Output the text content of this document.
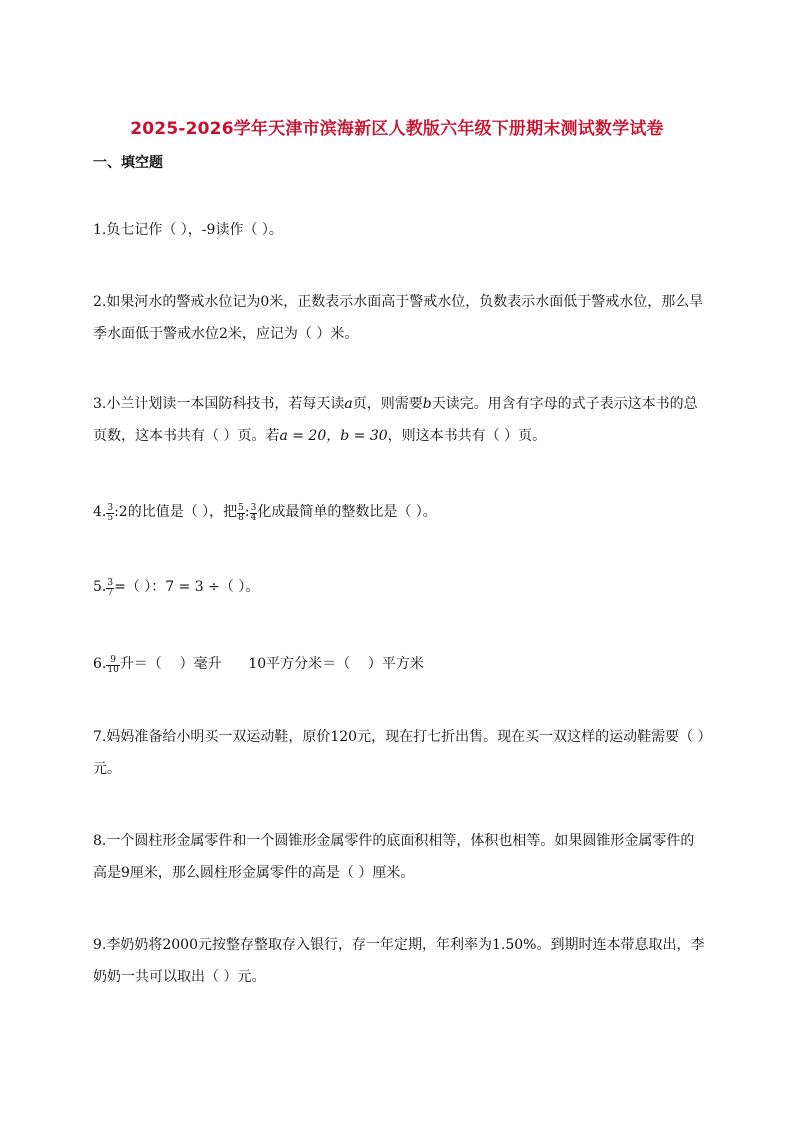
2025-2026学年天津市滨海新区人教版六年级下册期末测试数学试卷
一、填空题
1.负七记作（ ），-9读作（ ）。
2.如果河水的警戒水位记为0米，正数表示水面高于警戒水位，负数表示水面低于警戒水位，那么旱季水面低于警戒水位2米，应记为（ ）米。
3.小兰计划读一本国防科技书，若每天读a页，则需要b天读完。用含有字母的式子表示这本书的总页数，这本书共有（ ）页。若a = 20，b = 30，则这本书共有（ ）页。
4. $\frac{3}{5}$ :2的比值是（ ），把 $\frac{5}{8}$ : $\frac{3}{4}$ 化成最简单的整数比是（ ）。
5. $\frac{3}{7}$ =（ ）：7 = 3 ÷（ ）。
6. $\frac{9}{10}$ 升＝（    ）毫升      10平方分米＝（    ）平方米
7.妈妈准备给小明买一双运动鞋，原价120元，现在打七折出售。现在买一双这样的运动鞋需要（ ）元。
8.一个圆柱形金属零件和一个圆锥形金属零件的底面积相等，体积也相等。如果圆锥形金属零件的高是9厘米，那么圆柱形金属零件的高是（ ）厘米。
9.李奶奶将2000元按整存整取存入银行，存一年定期，年利率为1.50%。到期时连本带息取出，李奶奶一共可以取出（ ）元。
